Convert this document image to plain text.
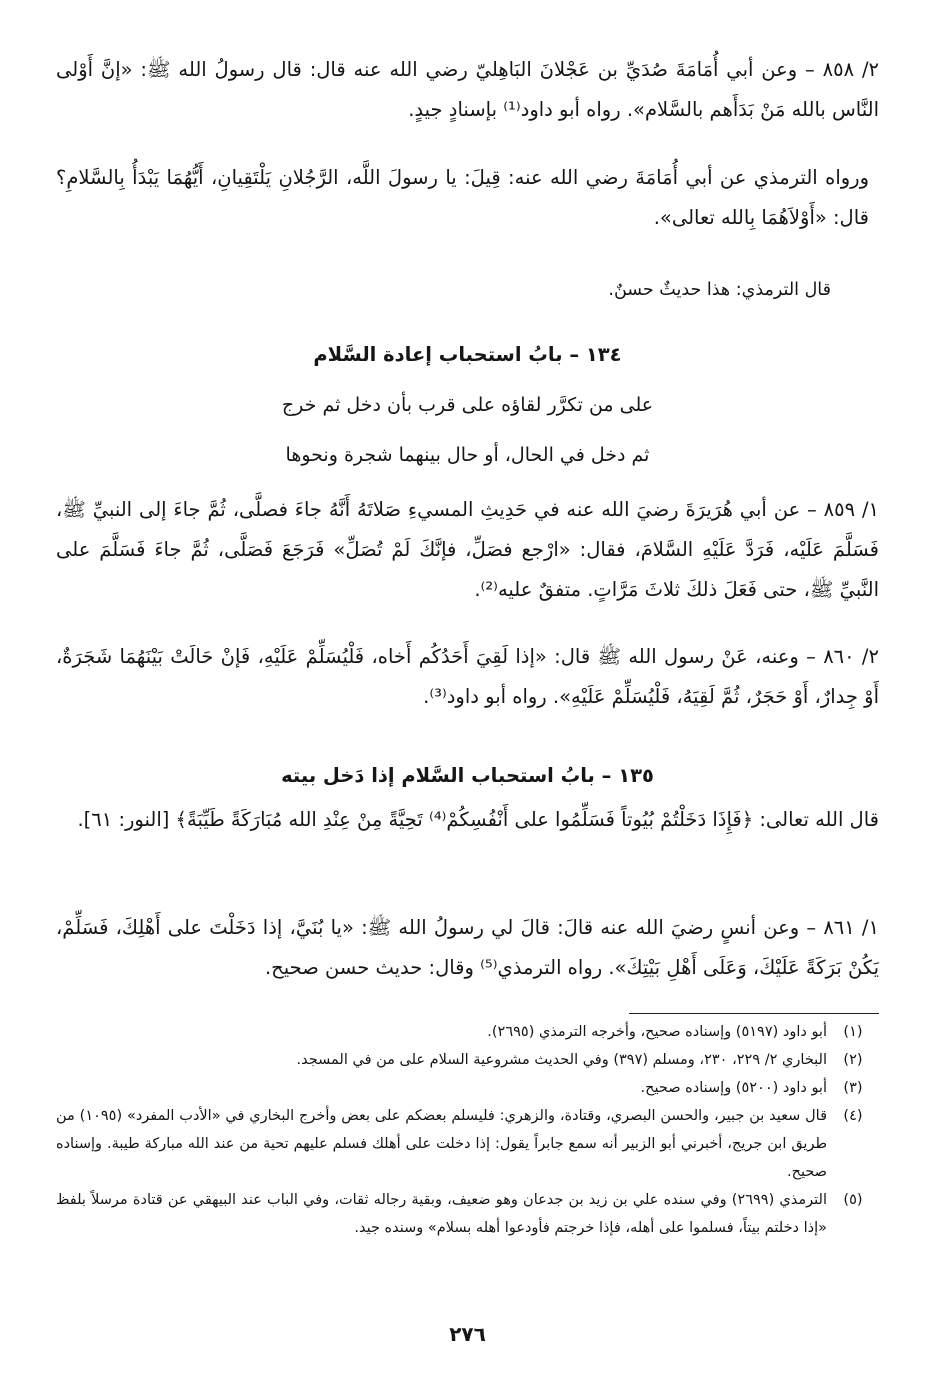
٢/ ٨٥٨ – وعن أبي أُمَامَةَ صُدَيِّ بن عَجْلانَ البَاهِليّ رضي الله عنه قال: قال رسولُ الله ﷺ: «إنَّ أَوْلى النَّاس بالله مَنْ بَدَأَهم بالسَّلام». رواه أبو داود⁽¹⁾ بإسنادٍ جيدٍ.

ورواه الترمذي عن أبي أُمَامَةَ رضي الله عنه: قِيلَ: يا رسولَ اللَّه، الرَّجُلانِ يَلْتَقِيانِ، أَيُّهُمَا يَبْدَأُ بِالسَّلامِ؟ قال: «أَوْلاَهُمَا بِالله تعالى».

قال الترمذي: هذا حديثٌ حسنٌ.

١٣٤ – بابُ استحباب إعادة السَّلام
على من تكرَّر لقاؤه على قرب بأن دخل ثم خرج
ثم دخل في الحال، أو حال بينهما شجرة ونحوها

١/ ٨٥٩ – عن أبي هُرَيرَةَ رضيَ الله عنه في حَدِيثِ المسيءِ صَلاتَهُ أَنَّهُ جاءَ فصلَّى، ثُمَّ جاءَ إلى النبيِّ ﷺ، فَسَلَّمَ عَلَيْه، فَرَدَّ عَلَيْهِ السَّلامَ، فقال: «ارْجع فصَلِّ، فإنَّكَ لَمْ تُصَلِّ» فَرَجَعَ فَصَلَّى، ثُمَّ جاءَ فَسَلَّمَ على النَّبيِّ ﷺ، حتى فَعَلَ ذلكَ ثلاثَ مَرَّاتٍ. متفقٌ عليه⁽²⁾.

٢/ ٨٦٠ – وعنه، عَنْ رسول الله ﷺ قال: «إذا لَقِيَ أَحَدُكُم أَخاه، فَلْيُسَلِّمْ عَلَيْهِ، فَإنْ حَالَتْ بَيْنَهُمَا شَجَرَةٌ، أَوْ جِدارٌ، أَوْ حَجَرٌ، ثُمَّ لَقِيَهُ، فَلْيُسَلِّمْ عَلَيْهِ». رواه أبو داود⁽³⁾.

١٣٥ – بابُ استحباب السَّلام إذا دَخل بيته

قال الله تعالى: ﴿فَإِذَا دَخَلْتُمْ بُيُوتاً فَسَلِّمُوا على أَنْفُسِكُمْ⁽⁴⁾ تَحِيَّةً مِنْ عِنْدِ الله مُبَارَكَةً طَيِّبَةً﴾ [النور: ٦١].

١/ ٨٦١ – وعن أنسٍ رضيَ الله عنه قالَ: قالَ لي رسولُ الله ﷺ: «يا بُنَيَّ، إذا دَخَلْتَ على أَهْلِكَ، فَسَلِّمْ، يَكُنْ بَرَكَةً عَلَيْكَ، وَعَلَى أَهْلِ بَيْتِكَ». رواه الترمذي⁽⁵⁾ وقال: حديث حسن صحيح.

(١)
أبو داود (٥١٩٧) وإسناده صحيح، وأخرجه الترمذي (٢٦٩٥).
(٢)
البخاري ٢/ ٢٢٩، ٢٣٠، ومسلم (٣٩٧) وفي الحديث مشروعية السلام على من في المسجد.
(٣)
أبو داود (٥٢٠٠) وإسناده صحيح.
(٤)
قال سعيد بن جبير، والحسن البصري، وقتادة، والزهري: فليسلم بعضكم على بعض وأخرج البخاري في «الأدب المفرد» (١٠٩٥) من طريق ابن جريج، أخبرني أبو الزبير أنه سمع جابراً يقول: إذا دخلت على أهلك فسلم عليهم تحية من عند الله مباركة طيبة. وإسناده صحيح.
(٥)
الترمذي (٢٦٩٩) وفي سنده علي بن زيد بن جدعان وهو ضعيف، وبقية رجاله ثقات، وفي الباب عند البيهقي عن قتادة مرسلاً بلفظ «إذا دخلتم بيتاً، فسلموا على أهله، فإذا خرجتم فأودعوا أهله بسلام» وسنده جيد.
٢٧٦
